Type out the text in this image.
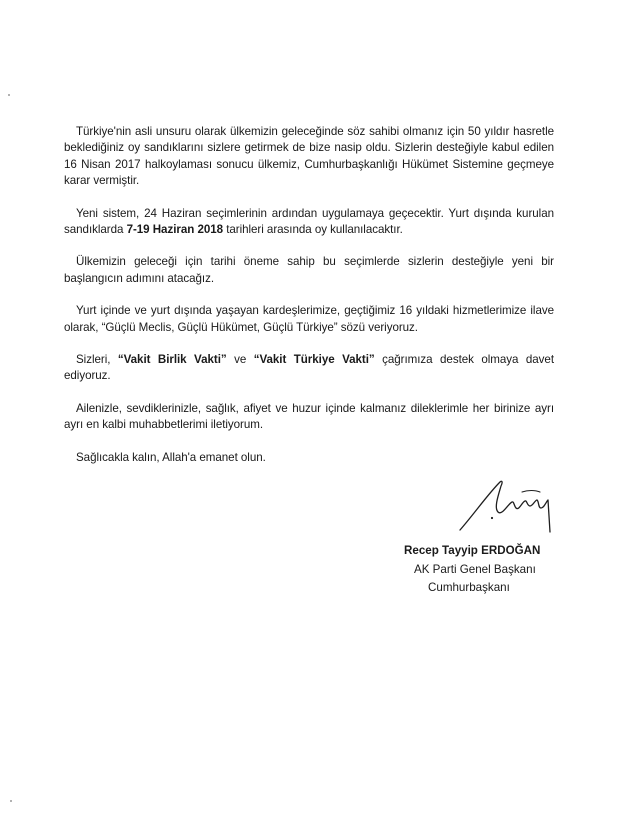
Türkiye'nin asli unsuru olarak ülkemizin geleceğinde söz sahibi olmanız için 50 yıldır hasretle beklediğiniz oy sandıklarını sizlere getirmek de bize nasip oldu. Sizlerin desteğiyle kabul edilen 16 Nisan 2017 halkoylaması sonucu ülkemiz, Cumhurbaşkanlığı Hükümet Sistemine geçmeye karar vermiştir.

Yeni sistem, 24 Haziran seçimlerinin ardından uygulamaya geçecektir. Yurt dışında kurulan sandıklarda 7-19 Haziran 2018 tarihleri arasında oy kullanılacaktır.

Ülkemizin geleceği için tarihi öneme sahip bu seçimlerde sizlerin desteğiyle yeni bir başlangıcın adımını atacağız.

Yurt içinde ve yurt dışında yaşayan kardeşlerimize, geçtiğimiz 16 yıldaki hizmetlerimize ilave olarak, “Güçlü Meclis, Güçlü Hükümet, Güçlü Türkiye” sözü veriyoruz.

Sizleri, “Vakit Birlik Vakti” ve “Vakit Türkiye Vakti” çağrımıza destek olmaya davet ediyoruz.

Ailenizle, sevdiklerinizle, sağlık, afiyet ve huzur içinde kalmanız dileklerimle her birinize ayrı ayrı en kalbi muhabbetlerimi iletiyorum.

Sağlıcakla kalın, Allah'a emanet olun.

Recep Tayyip ERDOĞAN
AK Parti Genel Başkanı
Cumhurbaşkanı
